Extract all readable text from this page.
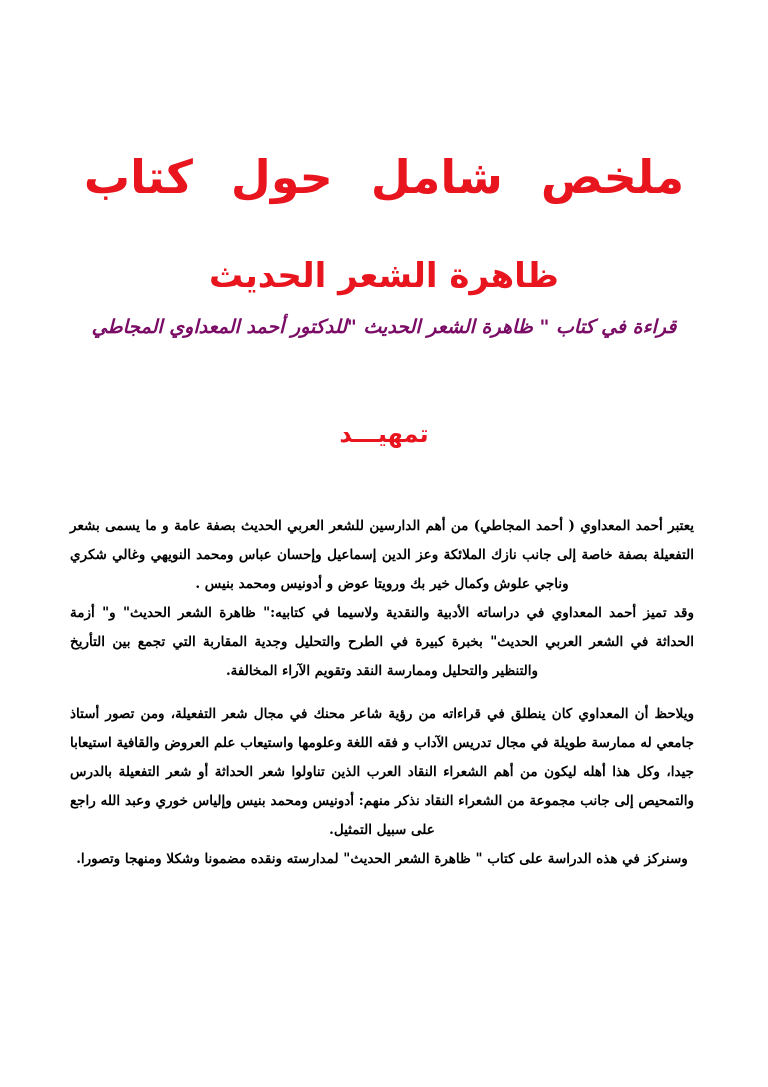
ملخص شامل حول كتاب
ظاهرة الشعر الحديث
قراءة في كتاب " ظاهرة الشعر الحديث "للدكتور أحمد المعداوي المجاطي
تمهيـــد

يعتبر أحمد المعداوي ( أحمد المجاطي) من أهم الدارسين للشعر العربي الحديث بصفة عامة و ما يسمى بشعر التفعيلة بصفة خاصة إلى جانب نازك الملائكة وعز الدين إسماعيل وإحسان عباس ومحمد النويهي وغالي شكري وناجي علوش وكمال خير بك ورويتا عوض و أدونيس ومحمد بنيس .

وقد تميز أحمد المعداوي في دراساته الأدبية والنقدية ولاسيما في كتابيه:" ظاهرة الشعر الحديث" و" أزمة الحداثة في الشعر العربي الحديث" بخبرة كبيرة في الطرح والتحليل وجدية المقاربة التي تجمع بين التأريخ والتنظير والتحليل وممارسة النقد وتقويم الآراء المخالفة.

ويلاحظ أن المعداوي كان ينطلق في قراءاته من رؤية شاعر محنك في مجال شعر التفعيلة، ومن تصور أستاذ جامعي له ممارسة طويلة في مجال تدريس الآداب و فقه اللغة وعلومها واستيعاب علم العروض والقافية استيعابا جيدا، وكل هذا أهله ليكون من أهم الشعراء النقاد العرب الذين تناولوا شعر الحداثة أو شعر التفعيلة بالدرس والتمحيص إلى جانب مجموعة من الشعراء النقاد نذكر منهم: أدونيس ومحمد بنيس وإلياس خوري وعبد الله راجع على سبيل التمثيل.

وسنركز في هذه الدراسة على كتاب " ظاهرة الشعر الحديث" لمدارسته ونقده مضمونا وشكلا ومنهجا وتصورا.
